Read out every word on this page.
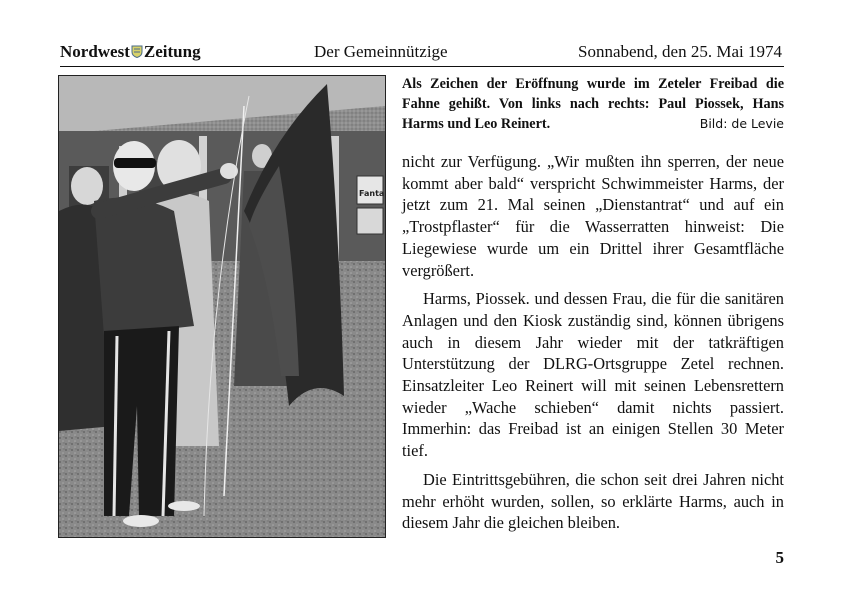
Nordwest Zeitung	Der Gemeinnützige	Sonnabend, den 25. Mai 1974
Fanta
Als Zeichen der Eröffnung wurde im Zeteler Freibad die Fahne gehißt. Von links nach rechts: Paul Piossek, Hans Harms und Leo Reinert.	Bild: de Levie

nicht zur Verfügung. „Wir mußten ihn sperren, der neue kommt aber bald“ verspricht Schwimmeister Harms, der jetzt zum 21. Mal seinen „Dienstantrat“ und auf ein „Trostpflaster“ für die Wasserratten hinweist: Die Liegewiese wurde um ein Drittel ihrer Gesamtfläche vergrößert.

Harms, Piossek. und dessen Frau, die für die sanitären Anlagen und den Kiosk zuständig sind, können übrigens auch in diesem Jahr wieder mit der tatkräftigen Unterstützung der DLRG-Ortsgruppe Zetel rechnen. Einsatzleiter Leo Reinert will mit seinen Lebensrettern wieder „Wache schieben“ damit nichts passiert. Immerhin: das Freibad ist an einigen Stellen 30 Meter tief.

Die Eintrittsgebühren, die schon seit drei Jahren nicht mehr erhöht wurden, sollen, so erklärte Harms, auch in diesem Jahr die gleichen bleiben.

5
